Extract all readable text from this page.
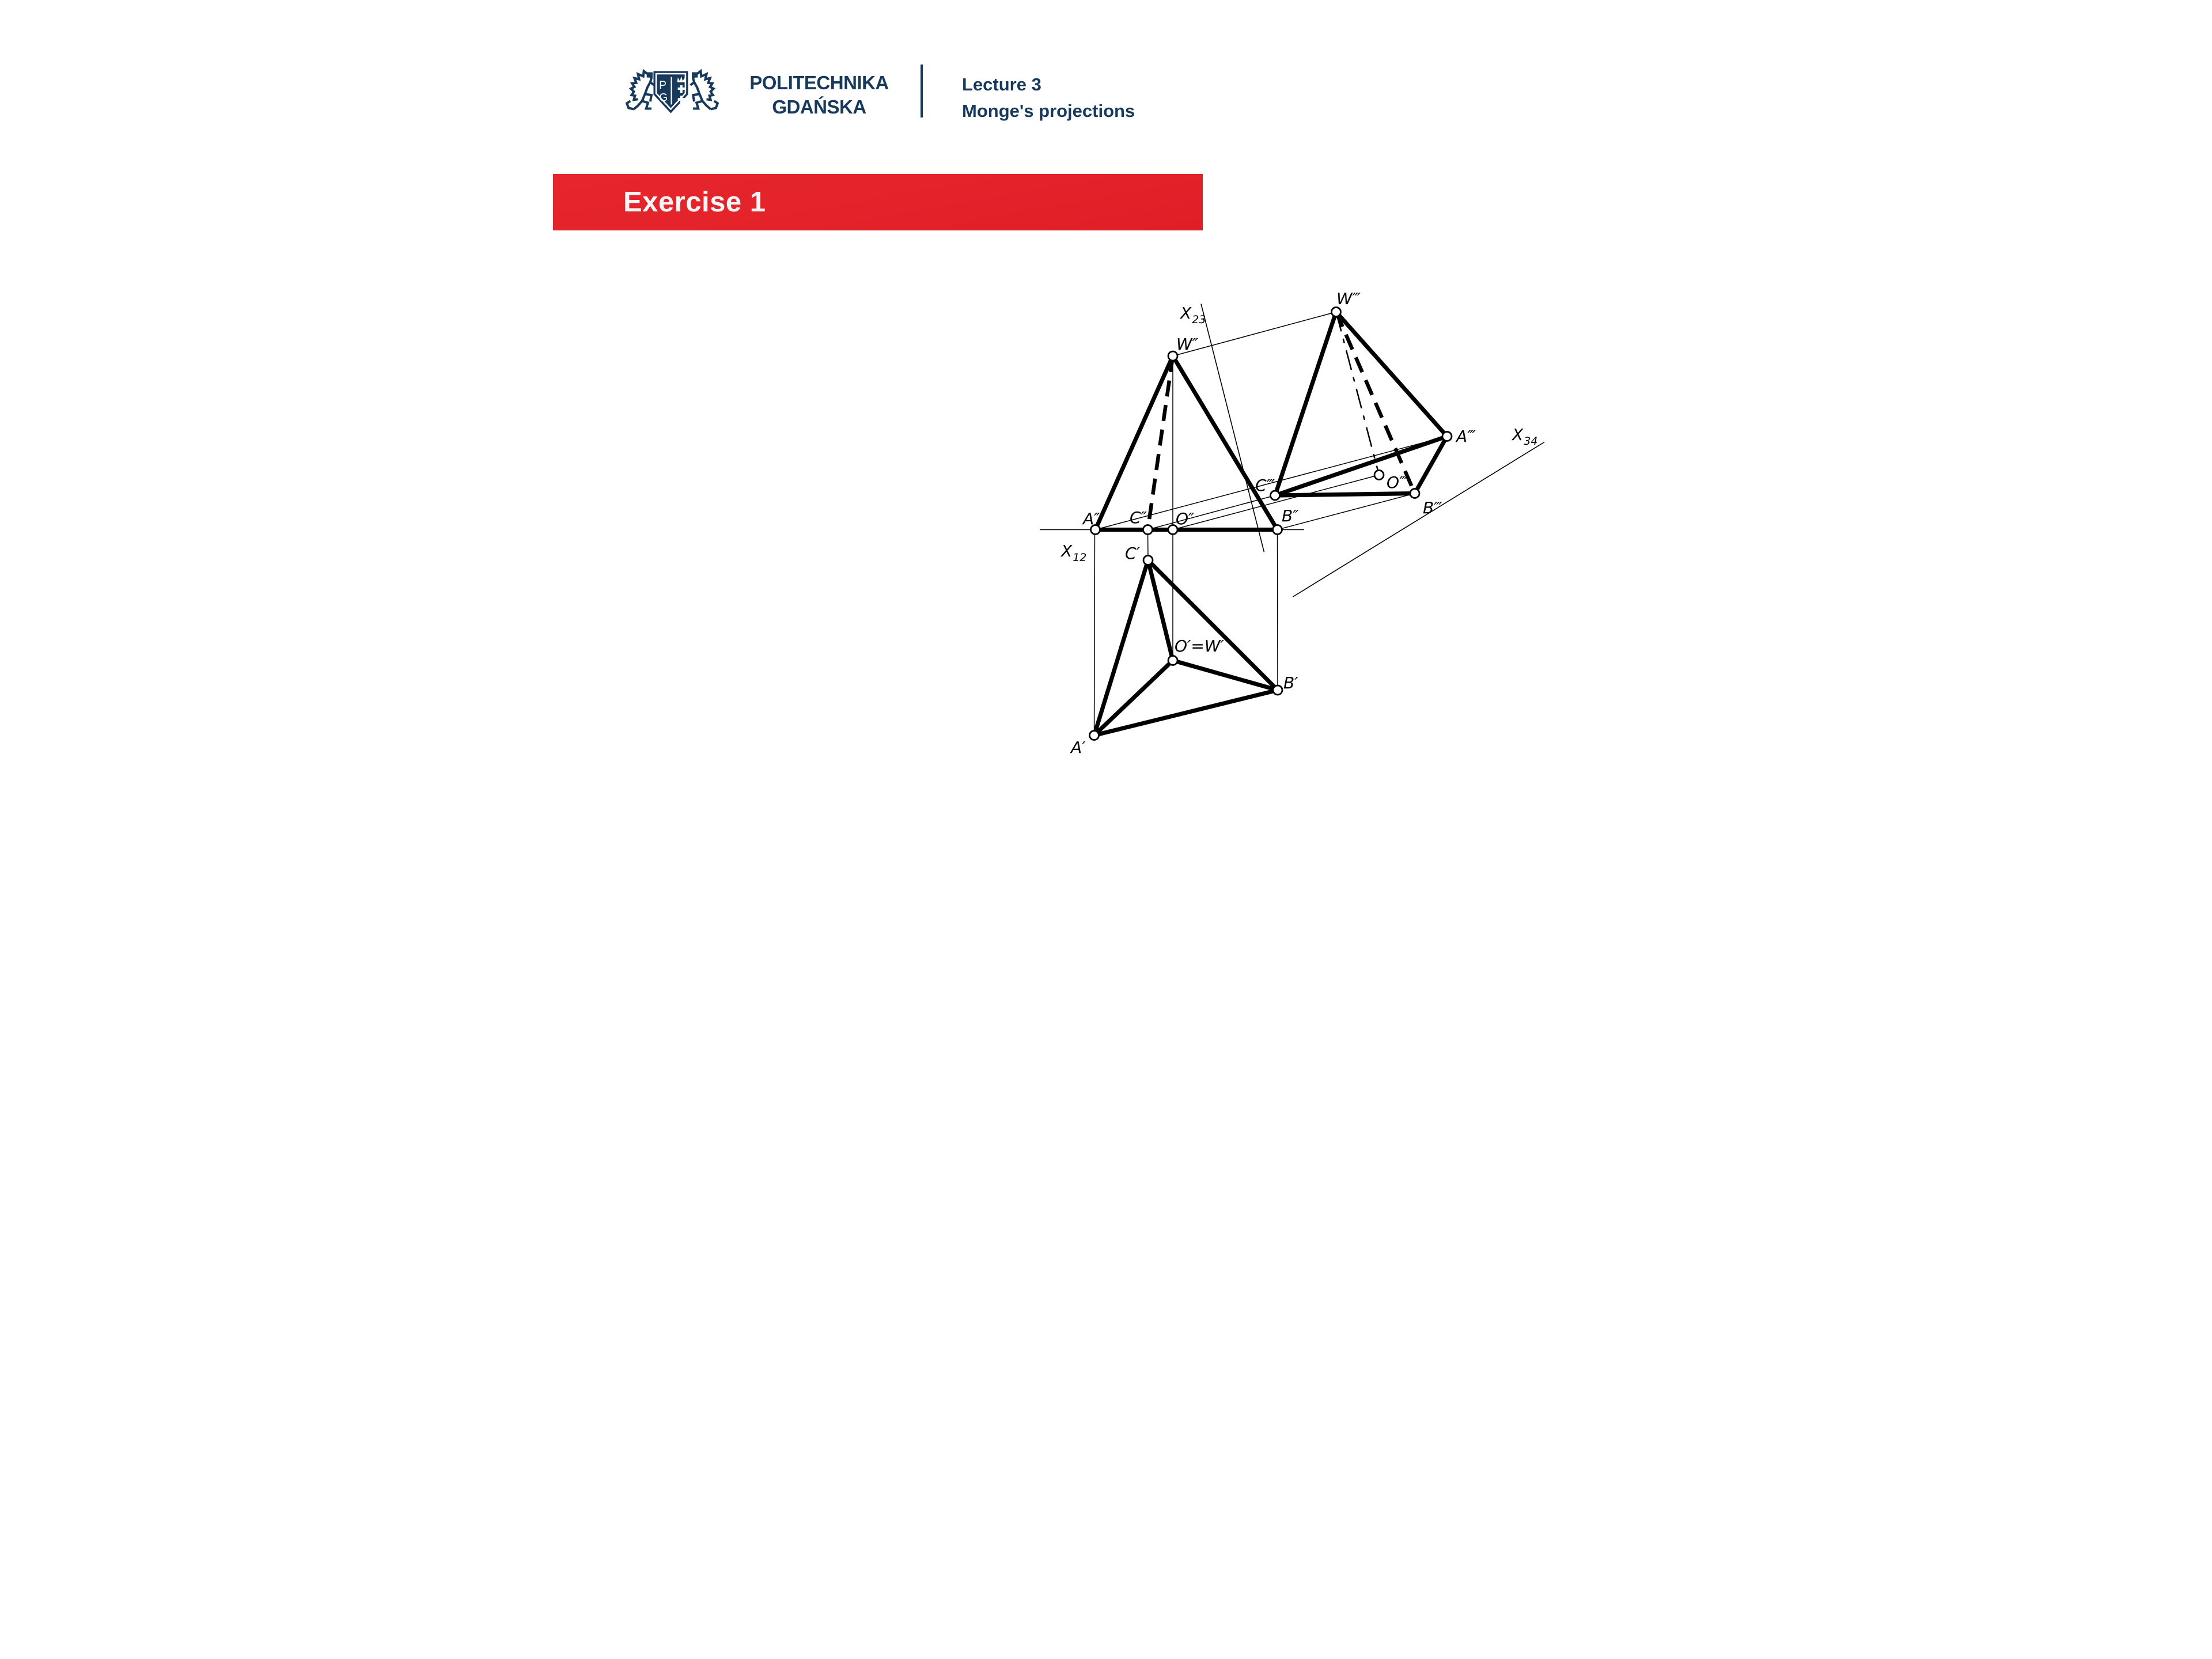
P
G
POLITECHNIKA
GDAŃSKA
Lecture 3
Monge's projections
Exercise 1
$X_{23}$
W″
W‴
A‴ $X_{34}$
O‴
C‴
B‴
A″ C″ O″	B″
$X_{12}$ C′
O′=W′
B′
A′
